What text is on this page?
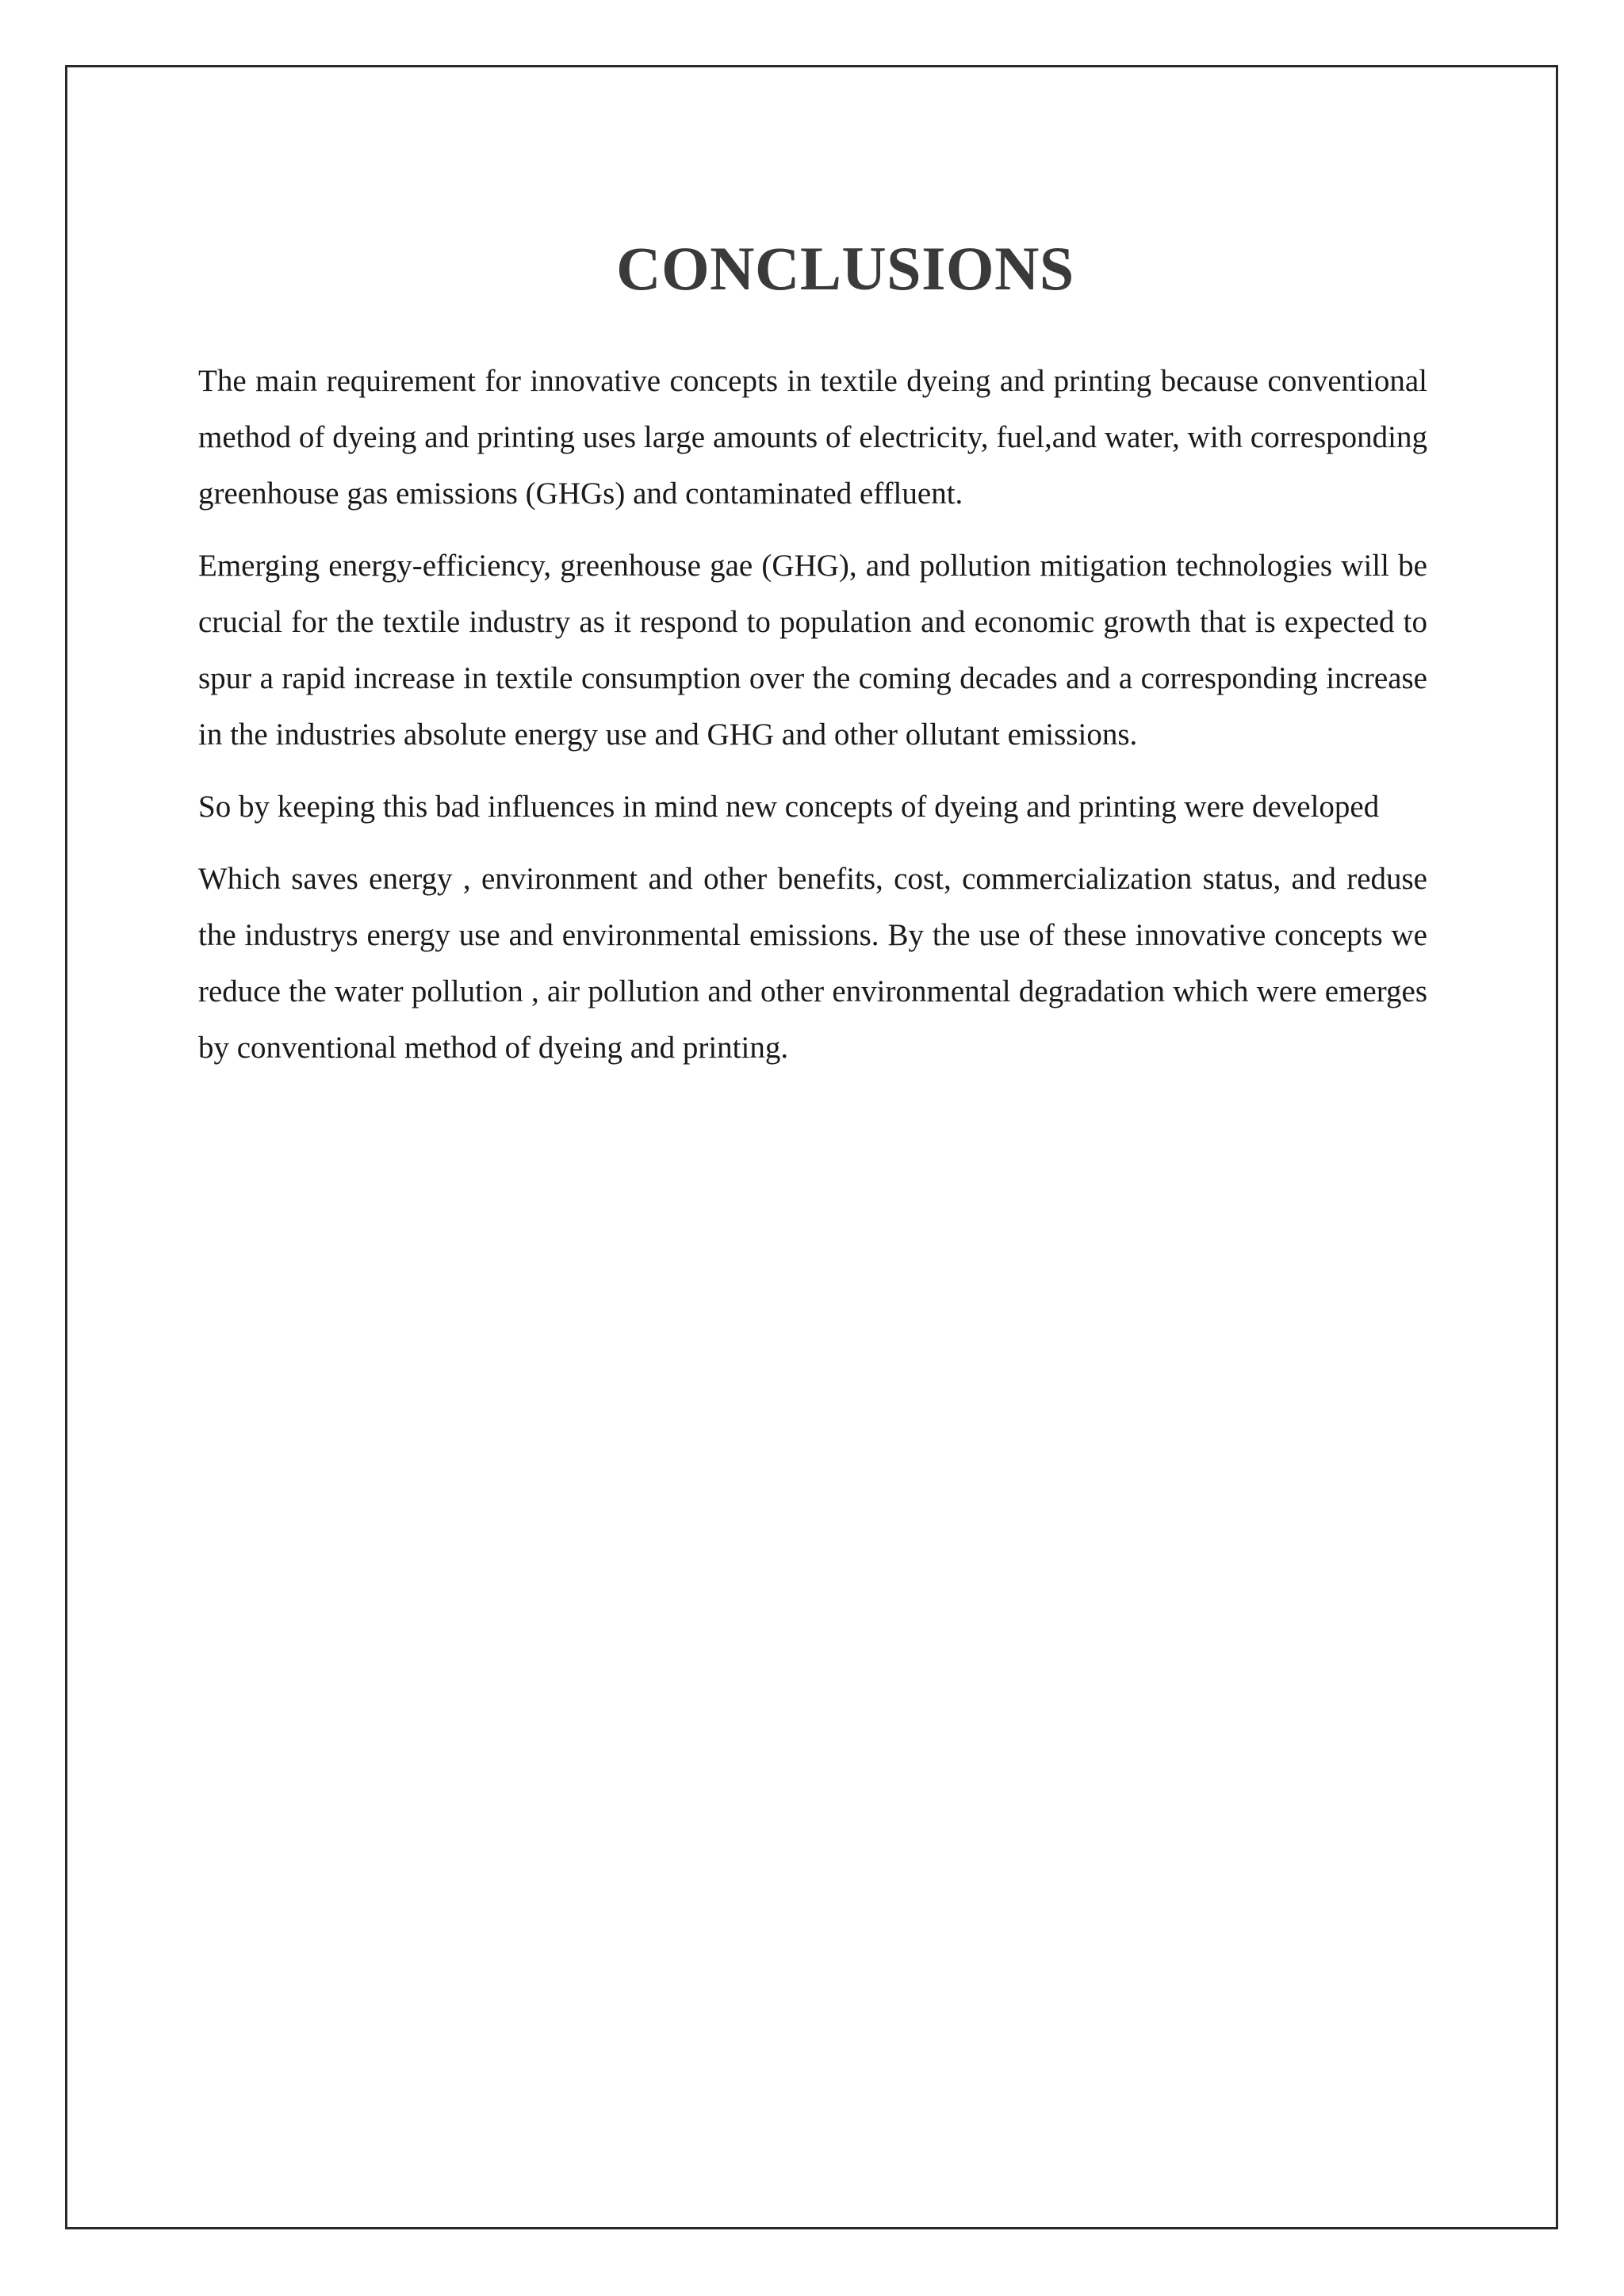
CONCLUSIONS

The main requirement for innovative concepts in textile dyeing and printing because conventional method of dyeing and printing uses large amounts of electricity, fuel,and water, with corresponding greenhouse gas emissions (GHGs) and contaminated effluent.

Emerging energy-efficiency, greenhouse gae (GHG), and pollution mitigation technologies will be crucial for the textile industry as it respond to population and economic growth that is expected to spur a rapid increase in textile consumption over the coming decades and a corresponding increase in the industries absolute energy use and GHG and other ollutant emissions.

So by keeping this bad influences in mind new concepts of dyeing and printing were developed

Which saves energy , environment and other benefits, cost, commercialization status, and reduse the industrys energy use and environmental emissions. By the use of these innovative concepts we reduce the water pollution , air pollution and other environmental degradation which were emerges by conventional method of dyeing and printing.
